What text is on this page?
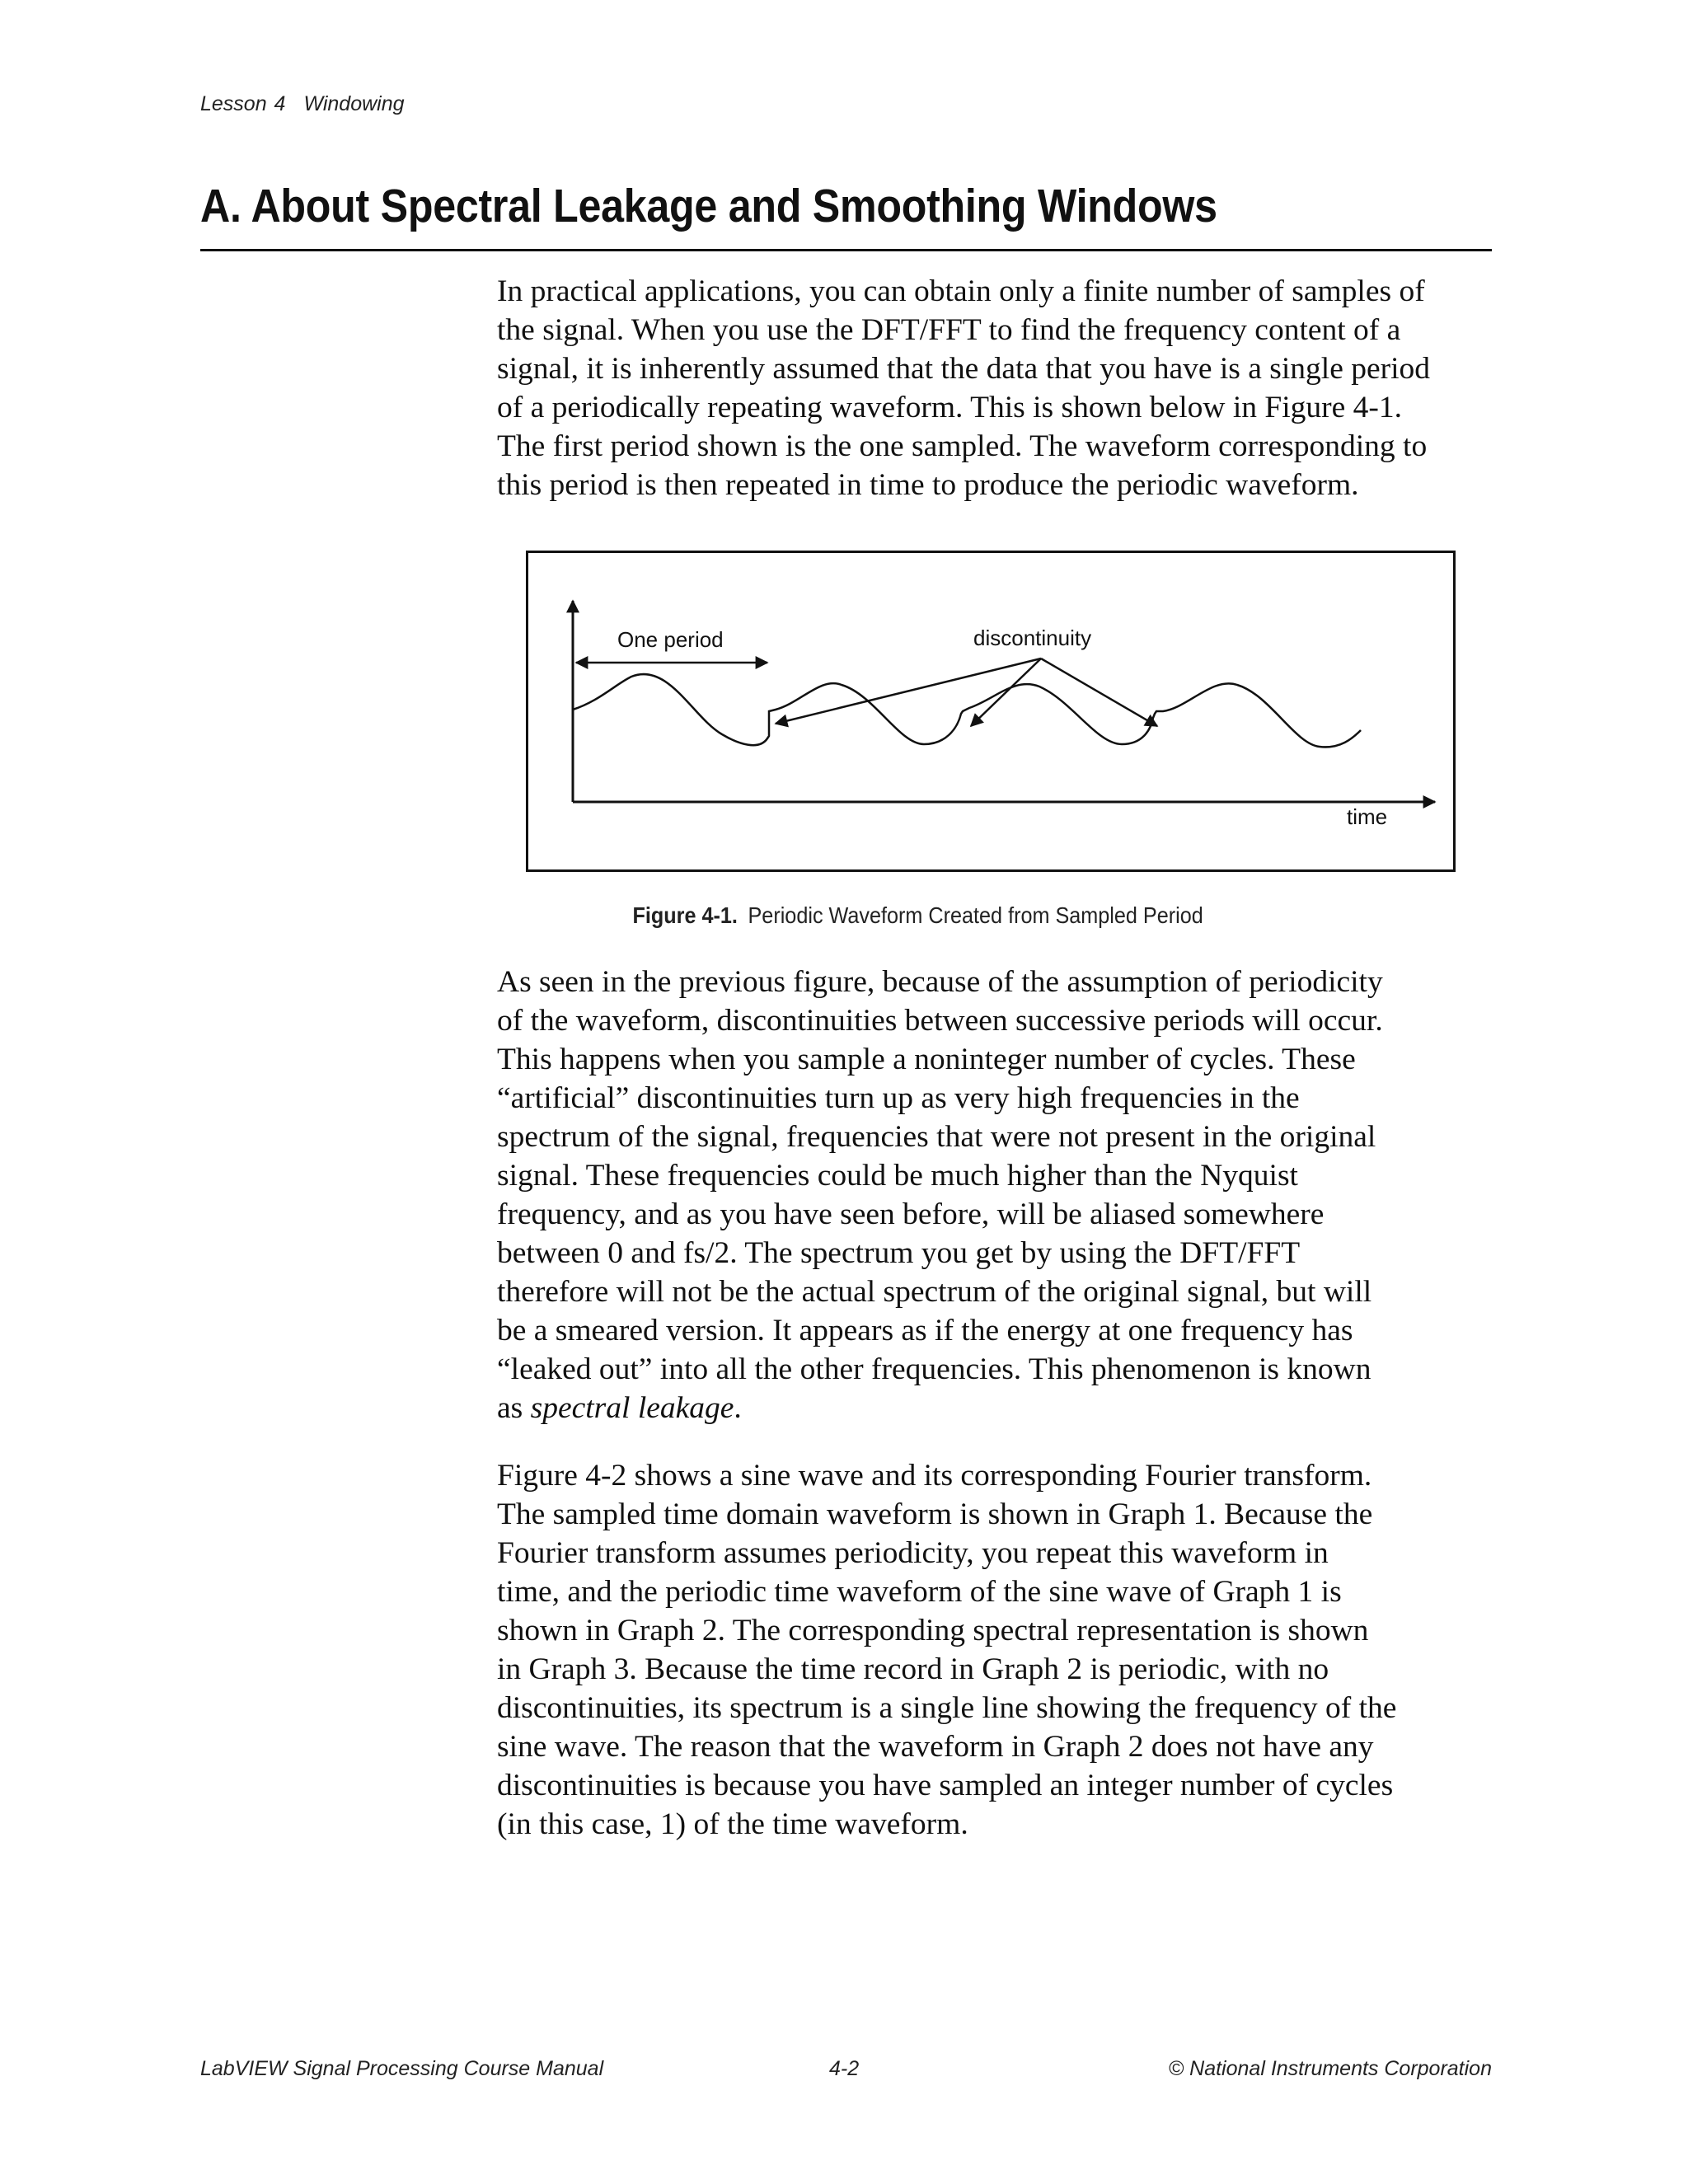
Lesson 4 Windowing
A. About Spectral Leakage and Smoothing Windows
In practical applications, you can obtain only a finite number of samples of
the signal. When you use the DFT/FFT to find the frequency content of a
signal, it is inherently assumed that the data that you have is a single period
of a periodically repeating waveform. This is shown below in Figure 4-1.
The first period shown is the one sampled. The waveform corresponding to
this period is then repeated in time to produce the periodic waveform.
One period	discontinuity
time
Figure 4-1. Periodic Waveform Created from Sampled Period
As seen in the previous figure, because of the assumption of periodicity
of the waveform, discontinuities between successive periods will occur.
This happens when you sample a noninteger number of cycles. These
“artificial” discontinuities turn up as very high frequencies in the
spectrum of the signal, frequencies that were not present in the original
signal. These frequencies could be much higher than the Nyquist
frequency, and as you have seen before, will be aliased somewhere
between 0 and fs/2. The spectrum you get by using the DFT/FFT
therefore will not be the actual spectrum of the original signal, but will
be a smeared version. It appears as if the energy at one frequency has
“leaked out” into all the other frequencies. This phenomenon is known
as spectral leakage.
Figure 4-2 shows a sine wave and its corresponding Fourier transform.
The sampled time domain waveform is shown in Graph 1. Because the
Fourier transform assumes periodicity, you repeat this waveform in
time, and the periodic time waveform of the sine wave of Graph 1 is
shown in Graph 2. The corresponding spectral representation is shown
in Graph 3. Because the time record in Graph 2 is periodic, with no
discontinuities, its spectrum is a single line showing the frequency of the
sine wave. The reason that the waveform in Graph 2 does not have any
discontinuities is because you have sampled an integer number of cycles
(in this case, 1) of the time waveform.
LabVIEW Signal Processing Course Manual	4-2	© National Instruments Corporation
